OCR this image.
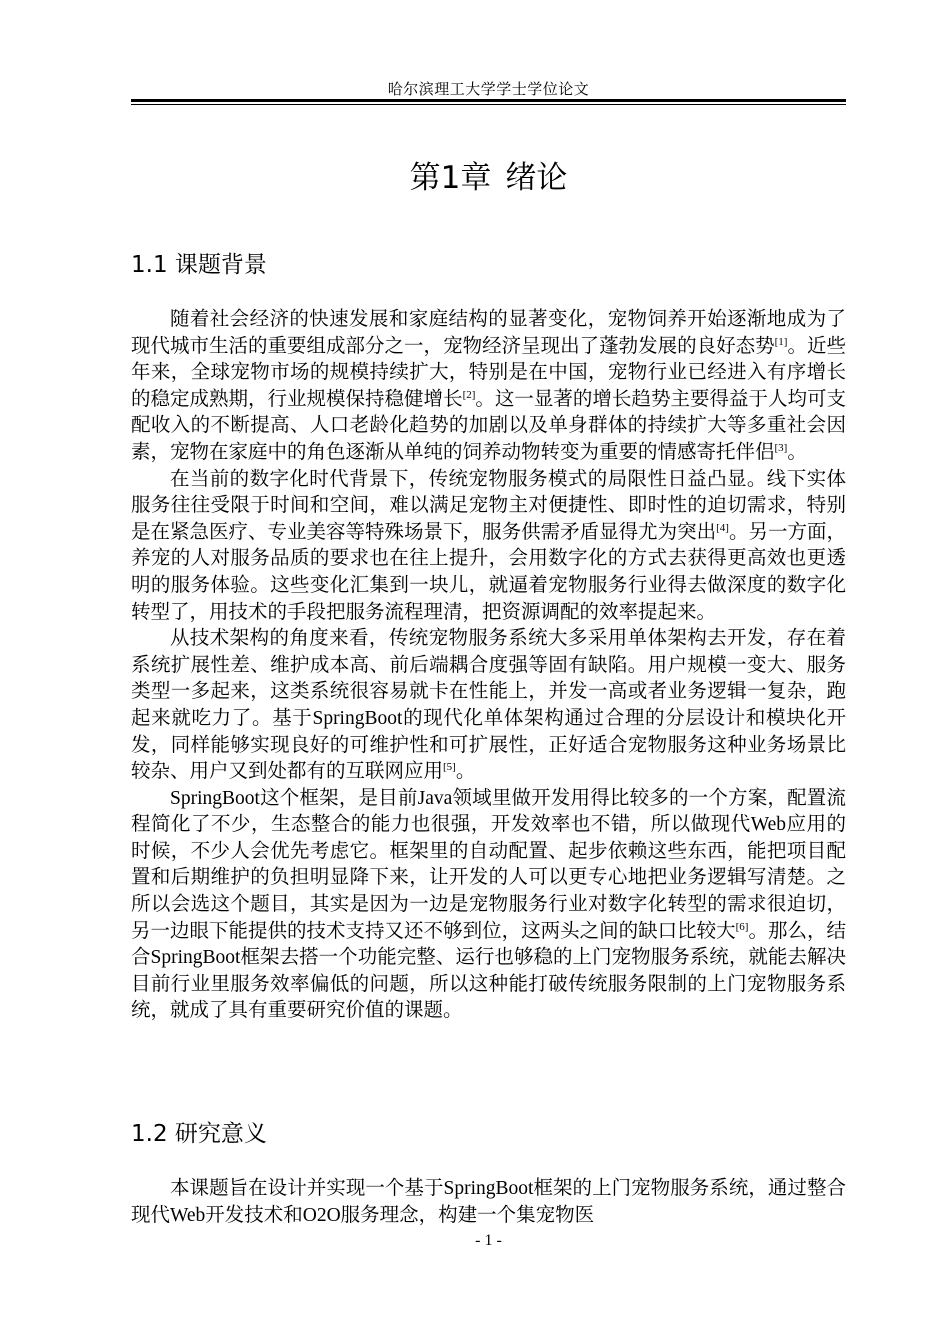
哈尔滨理工大学学士学位论文
第1章 绪论
1.1 课题背景

随着社会经济的快速发展和家庭结构的显著变化，宠物饲养开始逐渐地成为了现代城市生活的重要组成部分之一，宠物经济呈现出了蓬勃发展的良好态势[1]。近些年来，全球宠物市场的规模持续扩大，特别是在中国，宠物行业已经进入有序增长的稳定成熟期，行业规模保持稳健增长[2]。这一显著的增长趋势主要得益于人均可支配收入的不断提高、人口老龄化趋势的加剧以及单身群体的持续扩大等多重社会因素，宠物在家庭中的角色逐渐从单纯的饲养动物转变为重要的情感寄托伴侣[3]。

在当前的数字化时代背景下，传统宠物服务模式的局限性日益凸显。线下实体服务往往受限于时间和空间，难以满足宠物主对便捷性、即时性的迫切需求，特别是在紧急医疗、专业美容等特殊场景下，服务供需矛盾显得尤为突出[4]。另一方面，养宠的人对服务品质的要求也在往上提升，会用数字化的方式去获得更高效也更透明的服务体验。这些变化汇集到一块儿，就逼着宠物服务行业得去做深度的数字化转型了，用技术的手段把服务流程理清，把资源调配的效率提起来。

从技术架构的角度来看，传统宠物服务系统大多采用单体架构去开发，存在着系统扩展性差、维护成本高、前后端耦合度强等固有缺陷。用户规模一变大、服务类型一多起来，这类系统很容易就卡在性能上，并发一高或者业务逻辑一复杂，跑起来就吃力了。基于SpringBoot的现代化单体架构通过合理的分层设计和模块化开发，同样能够实现良好的可维护性和可扩展性，正好适合宠物服务这种业务场景比较杂、用户又到处都有的互联网应用[5]。

SpringBoot这个框架，是目前Java领域里做开发用得比较多的一个方案，配置流程简化了不少，生态整合的能力也很强，开发效率也不错，所以做现代Web应用的时候，不少人会优先考虑它。框架里的自动配置、起步依赖这些东西，能把项目配置和后期维护的负担明显降下来，让开发的人可以更专心地把业务逻辑写清楚。之所以会选这个题目，其实是因为一边是宠物服务行业对数字化转型的需求很迫切，另一边眼下能提供的技术支持又还不够到位，这两头之间的缺口比较大[6]。那么，结合SpringBoot框架去搭一个功能完整、运行也够稳的上门宠物服务系统，就能去解决目前行业里服务效率偏低的问题，所以这种能打破传统服务限制的上门宠物服务系统，就成了具有重要研究价值的课题。

1.2 研究意义

本课题旨在设计并实现一个基于SpringBoot框架的上门宠物服务系统，通过整合现代Web开发技术和O2O服务理念，构建一个集宠物医

- 1 -
